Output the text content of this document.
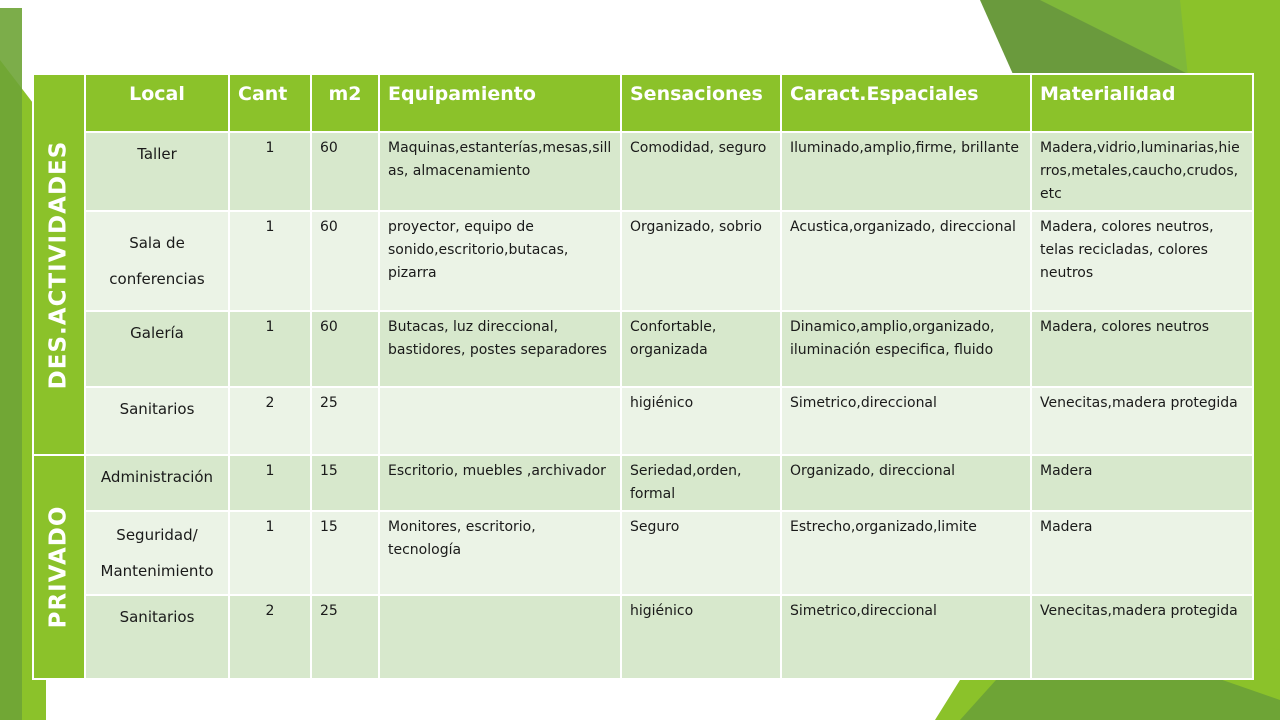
DES.ACTIVIDADES	Local	Cant	m2	Equipamiento	Sensaciones	Caract.Espaciales	Materialidad
	Taller	1	60	Maquinas,estanterías,mesas,sillas, almacenamiento	Comodidad, seguro	Iluminado,amplio,firme, brillante	Madera,vidrio,luminarias,hierros,metales,caucho,crudos,etc
	Sala de conferencias	1	60	proyector, equipo de sonido,escritorio,butacas, pizarra	Organizado, sobrio	Acustica,organizado, direccional	Madera, colores neutros, telas recicladas, colores neutros
	Galería	1	60	Butacas, luz direccional, bastidores, postes separadores	Confortable, organizada	Dinamico,amplio,organizado, iluminación especifica, fluido	Madera, colores neutros
	Sanitarios	2	25		higiénico	Simetrico,direccional	Venecitas,madera protegida

PRIVADO	Administración	1	15	Escritorio, muebles ,archivador	Seriedad,orden, formal	Organizado, direccional	Madera
	Seguridad/ Mantenimiento	1	15	Monitores, escritorio, tecnología	Seguro	Estrecho,organizado,limite	Madera
	Sanitarios	2	25		higiénico	Simetrico,direccional	Venecitas,madera protegida
